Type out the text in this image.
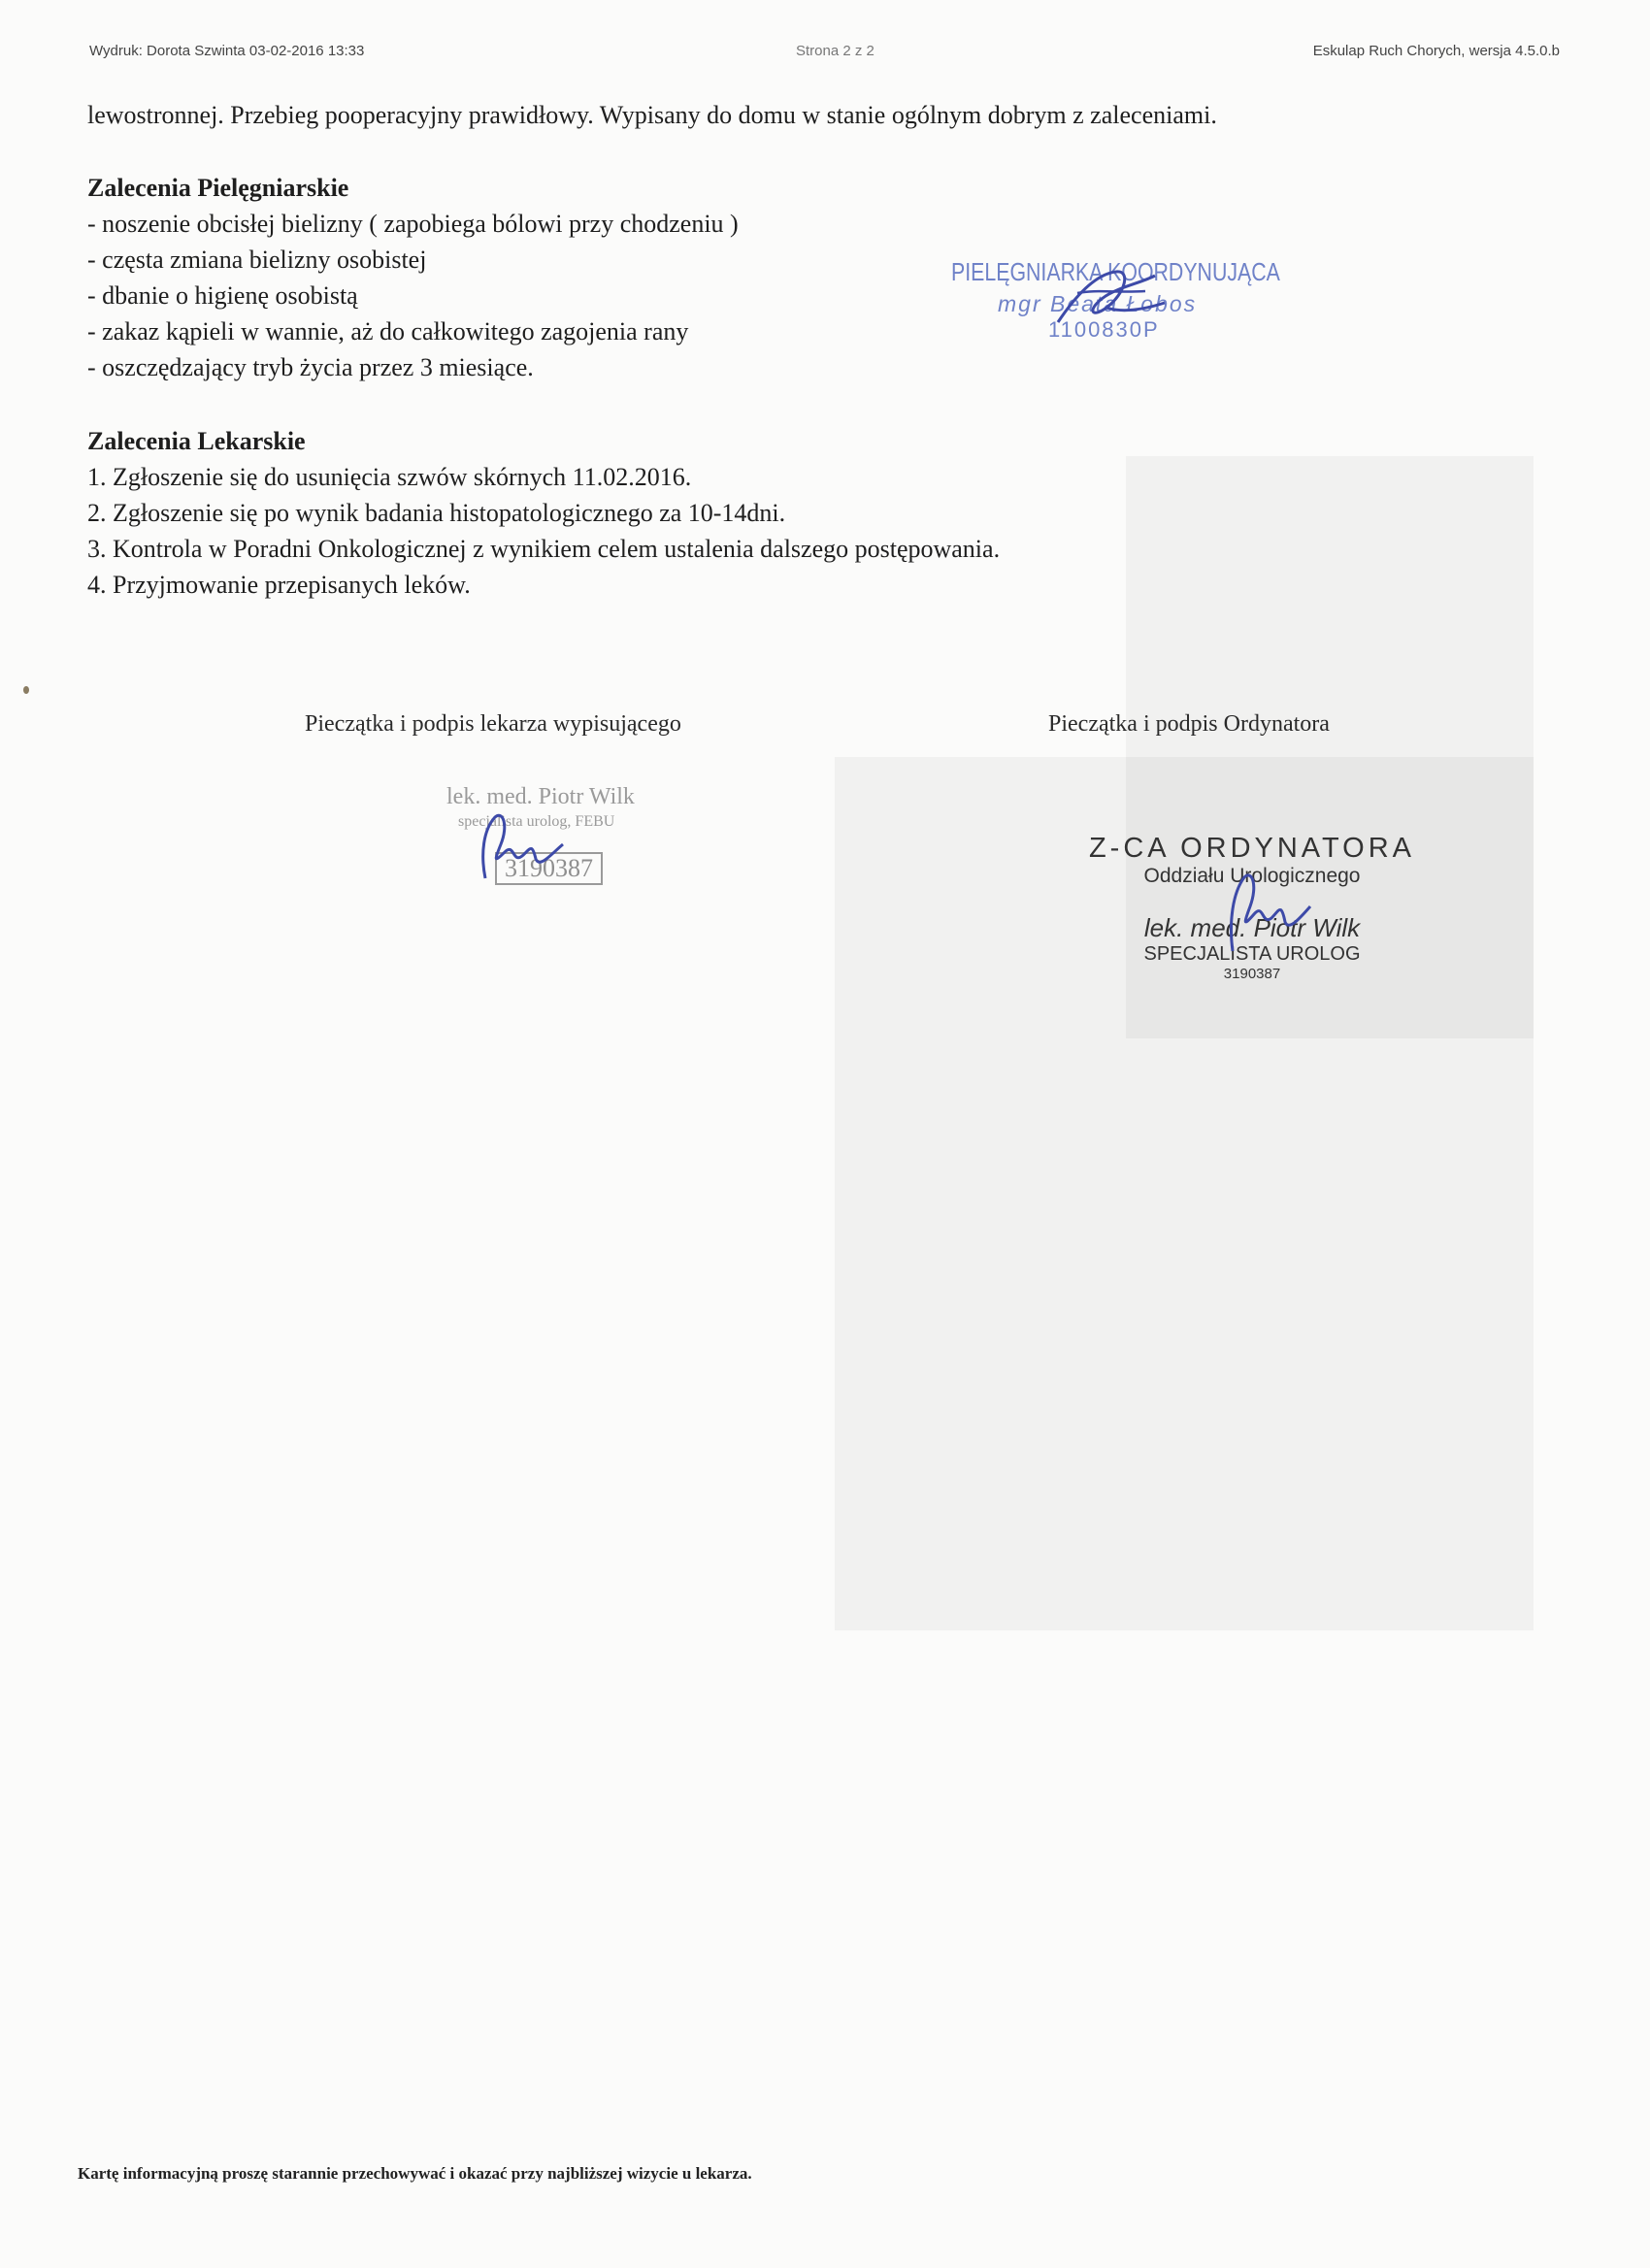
Wydruk: Dorota Szwinta 03-02-2016 13:33	Strona 2 z 2	Eskulap Ruch Chorych, wersja 4.5.0.b
lewostronnej. Przebieg pooperacyjny prawidłowy. Wypisany do domu w stanie ogólnym dobrym z zaleceniami.
Zalecenia Pielęgniarskie
- noszenie obcisłej bielizny ( zapobiega bólowi przy chodzeniu )
- częsta zmiana bielizny osobistej
- dbanie o higienę osobistą
- zakaz kąpieli w wannie, aż do całkowitego zagojenia rany
- oszczędzający tryb życia przez 3 miesiące.
Zalecenia Lekarskie
1. Zgłoszenie się do usunięcia szwów skórnych 11.02.2016.
2. Zgłoszenie się po wynik badania histopatologicznego za 10-14dni.
3. Kontrola w Poradni Onkologicznej z wynikiem celem ustalenia dalszego postępowania.
4. Przyjmowanie przepisanych leków.
PIELĘGNIARKA KOORDYNUJĄCA
mgr Beata Łobos
1100830P
Pieczątka i podpis lekarza wypisującego	Pieczątka i podpis Ordynatora
lek. med. Piotr Wilk
specjalista urolog, FEBU
3190387
Z-CA ORDYNATORA
Oddziału Urologicznego
lek. med. Piotr Wilk
SPECJALISTA UROLOG
3190387
Kartę informacyjną proszę starannie przechowywać i okazać przy najbliższej wizycie u lekarza.
